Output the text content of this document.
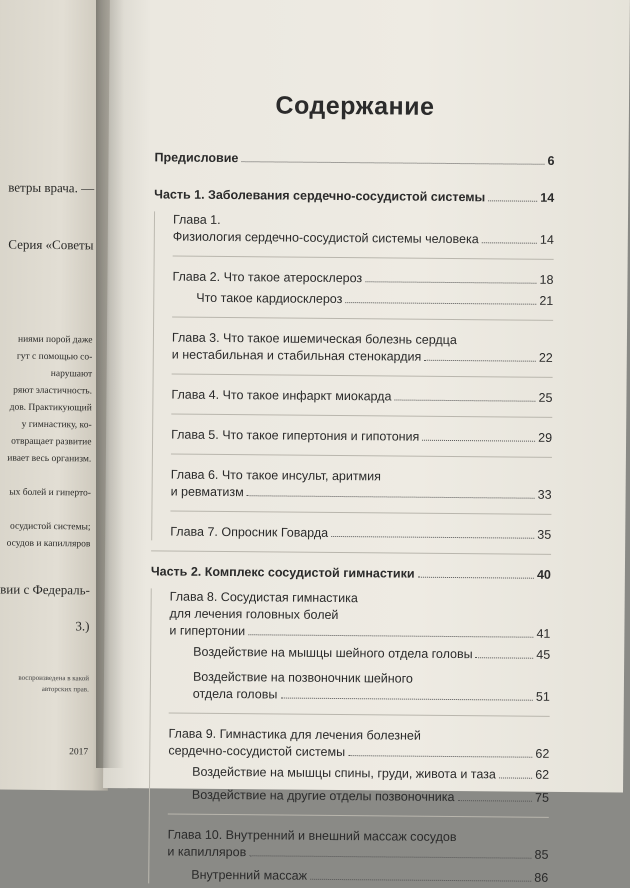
ветры врача. —
Серия «Советы
ниями порой даже
гут с помощью со-
нарушают
ряют эластичность.
дов. Практикующий
у гимнастику, ко-
отвращает развитие
ивает весь организм.
ых болей и гиперто-
осудистой системы;
осудов и капилляров
вии с Федераль-
3.)
воспроизведена в какой
авторских прав.
2017
Содержание
Предисловие	6
Часть 1. Заболевания сердечно-сосудистой системы	14
Глава 1.
Физиология сердечно-сосудистой системы человека	14
Глава 2. Что такое атеросклероз	18
Что такое кардиосклероз	21
Глава 3. Что такое ишемическая болезнь сердца
и нестабильная и стабильная стенокардия	22
Глава 4. Что такое инфаркт миокарда	25
Глава 5. Что такое гипертония и гипотония	29
Глава 6. Что такое инсульт, аритмия
и ревматизм	33
Глава 7. Опросник Говарда	35
Часть 2. Комплекс сосудистой гимнастики	40
Глава 8. Сосудистая гимнастика
для лечения головных болей
и гипертонии	41
Воздействие на мышцы шейного отдела головы	45
Воздействие на позвоночник шейного
отдела головы	51
Глава 9. Гимнастика для лечения болезней
сердечно-сосудистой системы	62
Воздействие на мышцы спины, груди, живота и таза	62
Воздействие на другие отделы позвоночника	75
Глава 10. Внутренний и внешний массаж сосудов
и капилляров	85
Внутренний массаж	86
